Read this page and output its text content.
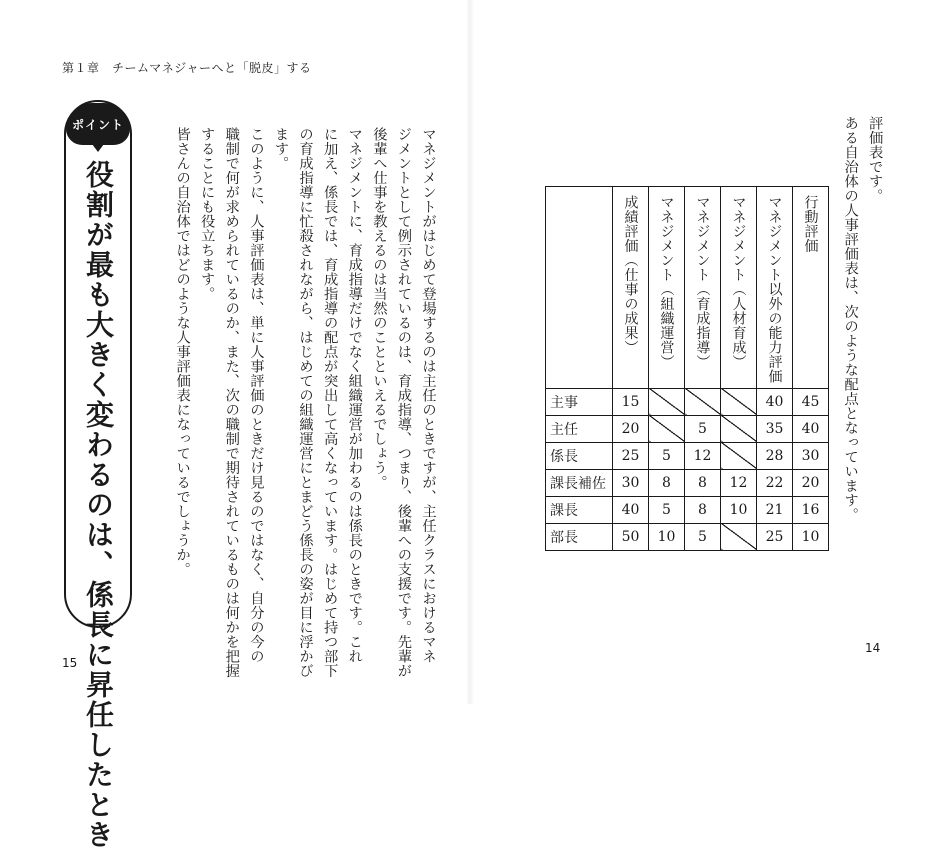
第１章　チームマネジャーへと「脱皮」する
ポイント
役割が最も大きく変わるのは、係長に昇任したとき	マネジメントがはじめて登場するのは主任のときですが、主任クラスにおけるマネ

ジメントとして例示されているのは、育成指導、つまり、後輩への支援です。先輩が

後輩へ仕事を教えるのは当然のことといえるでしょう。

マネジメントに、育成指導だけでなく組織運営が加わるのは係長のときです。これ

に加え、係長では、育成指導の配点が突出して高くなっています。はじめて持つ部下

の育成指導に忙殺されながら、はじめての組織運営にとまどう係長の姿が目に浮かび

ます。

このように、人事評価表は、単に人事評価のときだけ見るのではなく、自分の今の

職制で何が求められているのか、また、次の職制で期待されているものは何かを把握

することにも役立ちます。

皆さんの自治体ではどのような人事評価表になっているでしょうか。	評価表です。

ある自治体の人事評価表は、次のような配点となっています。

	成績評価（仕事の成果）	マネジメント（組織運営）	マネジメント（育成指導）	マネジメント（人材育成）	マネジメント以外の能力評価	行動評価
主事	15				40	45
主任	20		5		35	40
係長	25	5	12		28	30
課長補佐	30	8	8	12	22	20
課長	40	5	8	10	21	16
部長	50	10	5		25	10
15
14
